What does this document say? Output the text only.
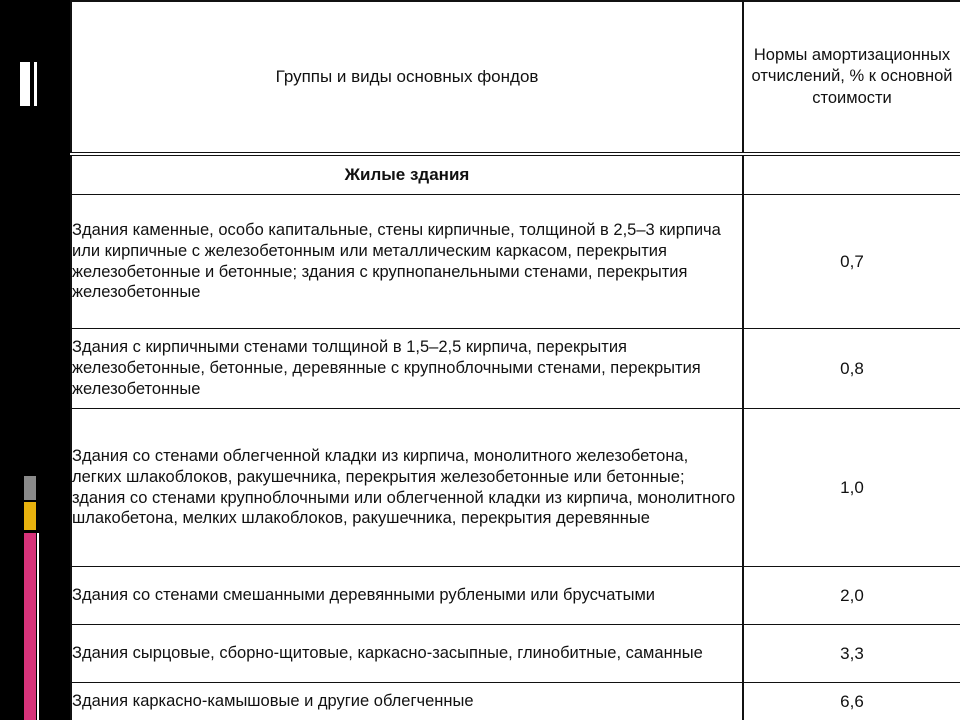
Группы и виды основных фондов	Нормы амортизационных отчислений, % к основной стоимости
Жилые здания	
Здания каменные, особо капитальные, стены кирпичные, толщиной в 2,5–3 кирпича или кирпичные с железобетонным или металлическим каркасом, перекрытия железобетонные и бетонные; здания с крупнопанельными стенами, перекрытия железобетонные	0,7
Здания с кирпичными стенами толщиной в 1,5–2,5 кирпича, перекрытия железобетонные, бетонные, деревянные с крупноблочными стенами, перекрытия железобетонные	0,8
Здания со стенами облегченной кладки из кирпича, монолитного железобетона, легких шлакоблоков, ракушечника, перекрытия железобетонные или бетонные; здания со стенами крупноблочными или облегченной кладки из кирпича, монолитного шлакобетона, мелких шлакоблоков, ракушечника, перекрытия деревянные	1,0
Здания со стенами смешанными деревянными рублеными или брусчатыми	2,0
Здания сырцовые, сборно-щитовые, каркасно-засыпные, глинобитные, саманные	3,3
Здания каркасно-камышовые и другие облегченные	6,6
